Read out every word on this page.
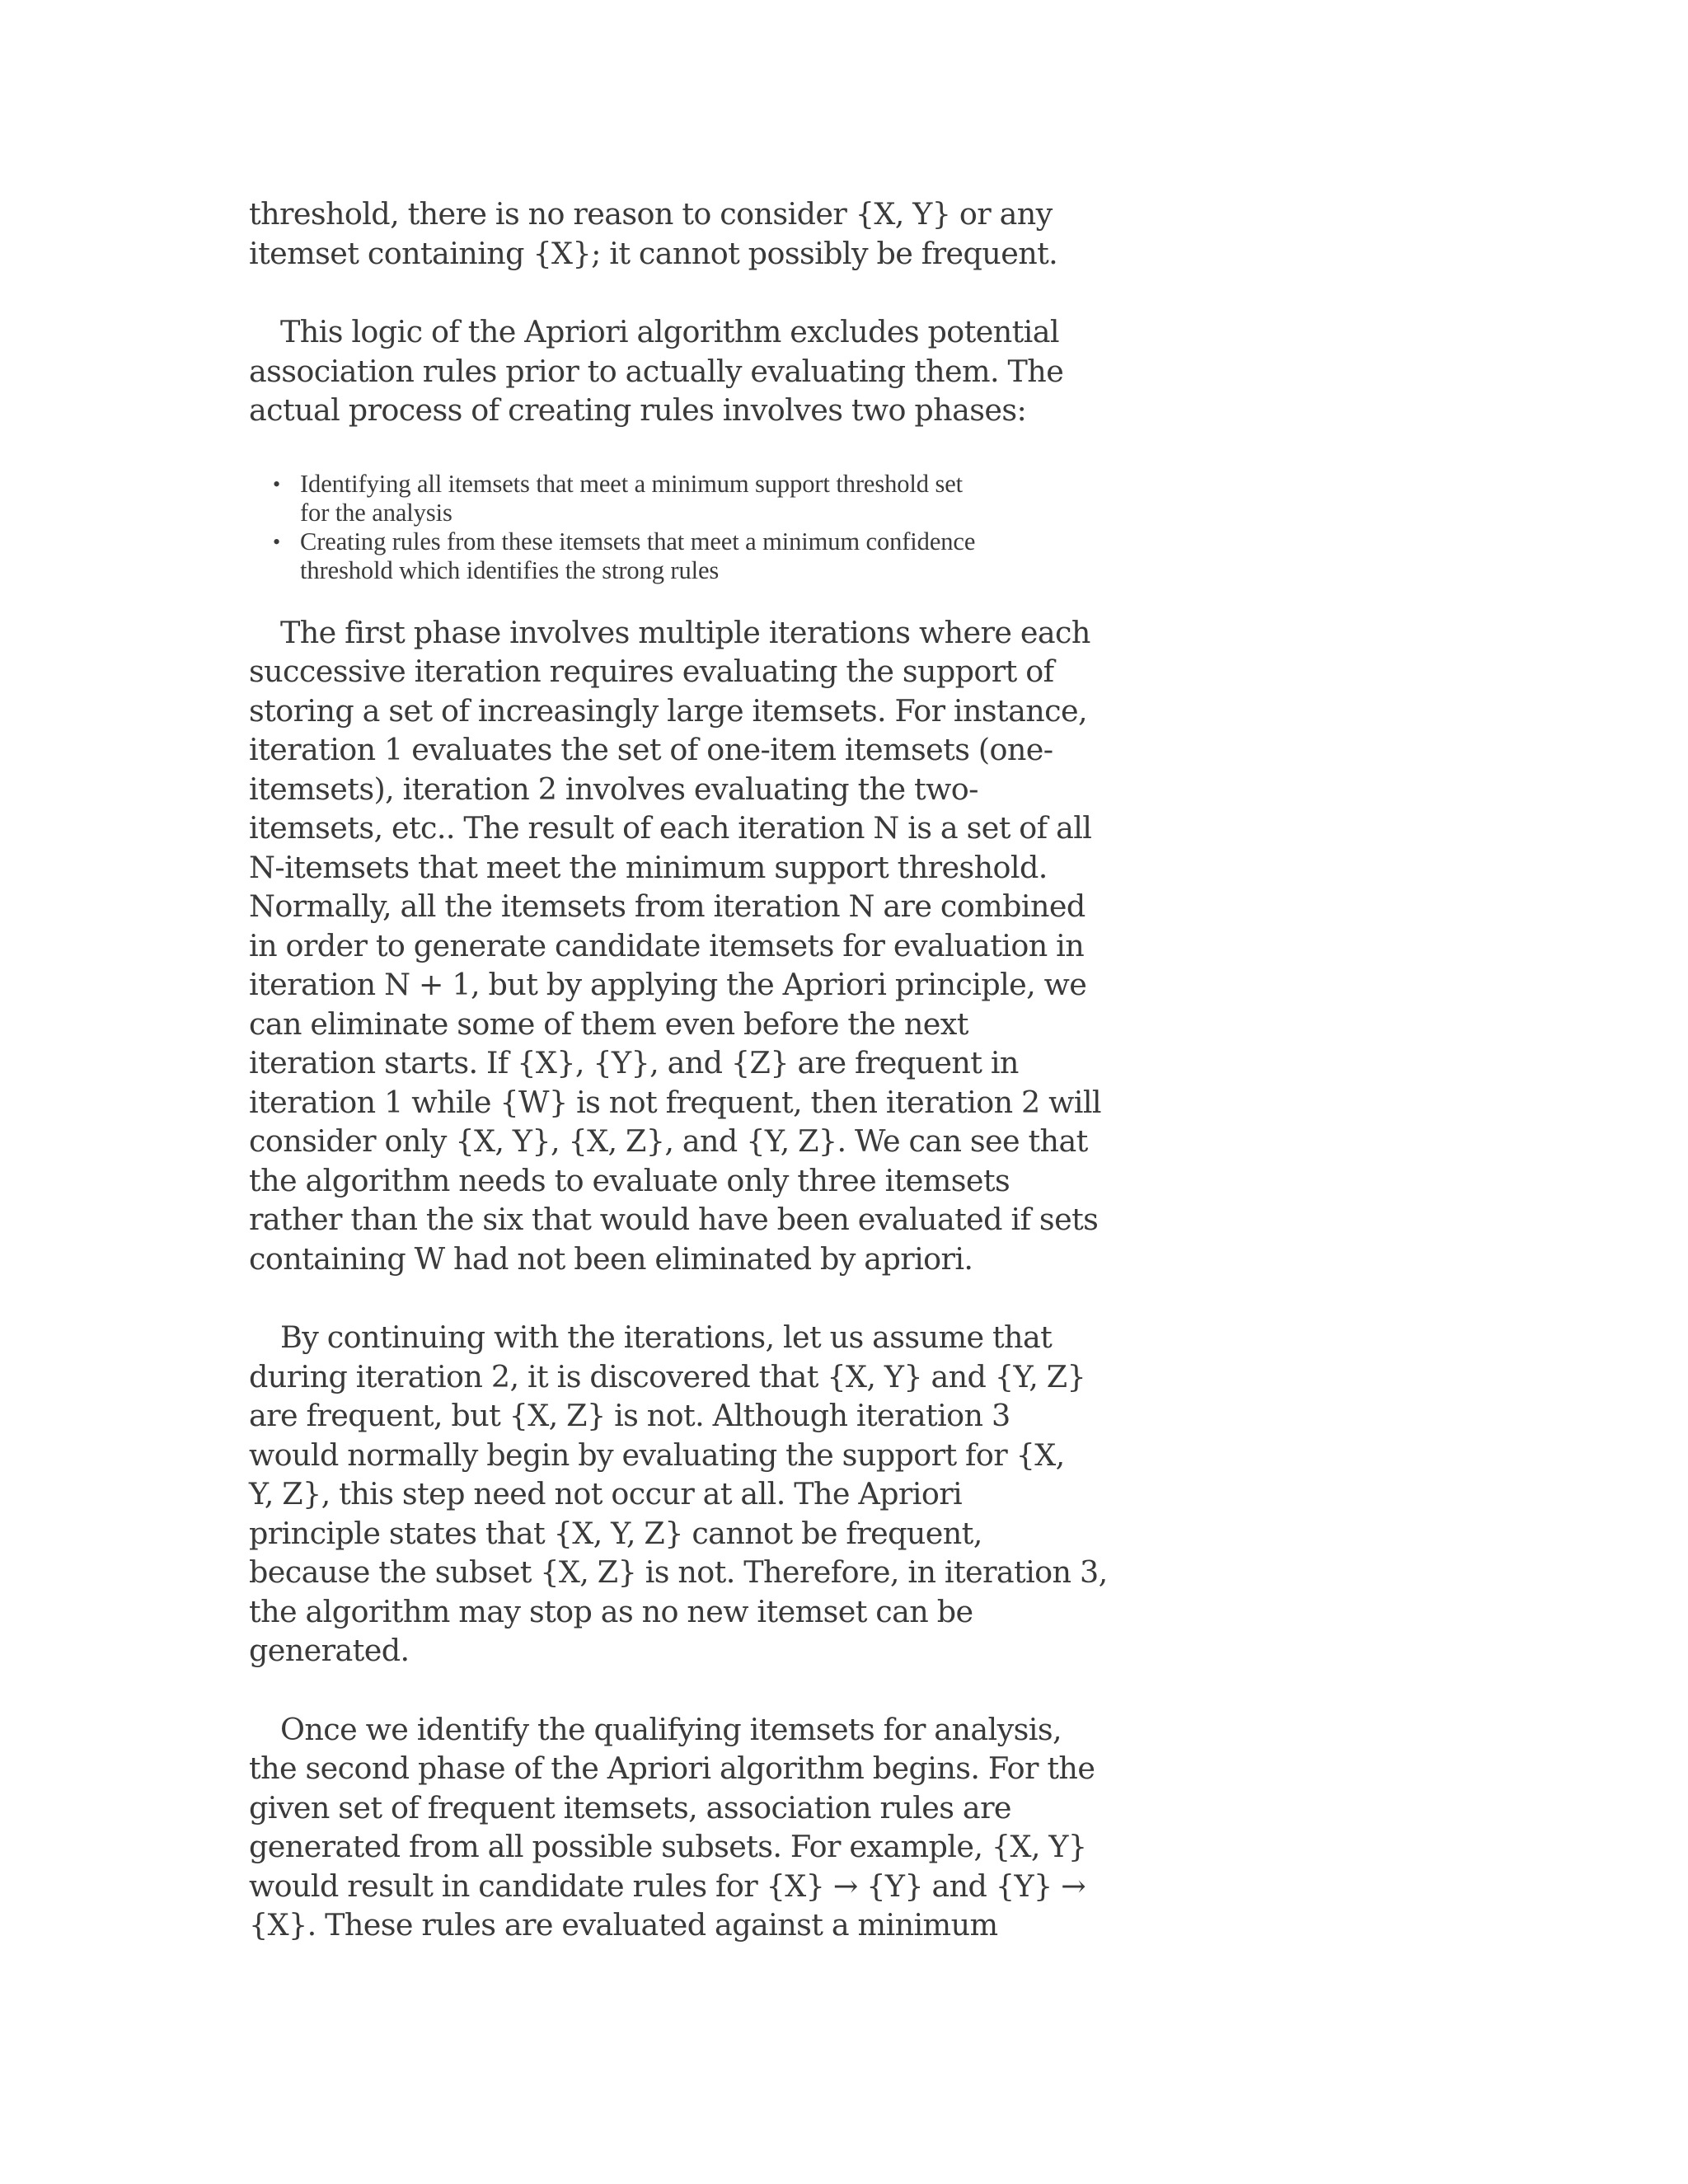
threshold, there is no reason to consider {X, Y} or any
itemset containing {X}; it cannot possibly be frequent.

This logic of the Apriori algorithm excludes potential
association rules prior to actually evaluating them. The
actual process of creating rules involves two phases:

• Identifying all itemsets that meet a minimum support threshold set
for the analysis
• Creating rules from these itemsets that meet a minimum confidence
threshold which identifies the strong rules

The first phase involves multiple iterations where each
successive iteration requires evaluating the support of
storing a set of increasingly large itemsets. For instance,
iteration 1 evaluates the set of one-item itemsets (one-
itemsets), iteration 2 involves evaluating the two-
itemsets, etc.. The result of each iteration N is a set of all
N-itemsets that meet the minimum support threshold.
Normally, all the itemsets from iteration N are combined
in order to generate candidate itemsets for evaluation in
iteration N + 1, but by applying the Apriori principle, we
can eliminate some of them even before the next
iteration starts. If {X}, {Y}, and {Z} are frequent in
iteration 1 while {W} is not frequent, then iteration 2 will
consider only {X, Y}, {X, Z}, and {Y, Z}. We can see that
the algorithm needs to evaluate only three itemsets
rather than the six that would have been evaluated if sets
containing W had not been eliminated by apriori.

By continuing with the iterations, let us assume that
during iteration 2, it is discovered that {X, Y} and {Y, Z}
are frequent, but {X, Z} is not. Although iteration 3
would normally begin by evaluating the support for {X,
Y, Z}, this step need not occur at all. The Apriori
principle states that {X, Y, Z} cannot be frequent,
because the subset {X, Z} is not. Therefore, in iteration 3,
the algorithm may stop as no new itemset can be
generated.

Once we identify the qualifying itemsets for analysis,
the second phase of the Apriori algorithm begins. For the
given set of frequent itemsets, association rules are
generated from all possible subsets. For example, {X, Y}
would result in candidate rules for {X} → {Y} and {Y} →
{X}. These rules are evaluated against a minimum
